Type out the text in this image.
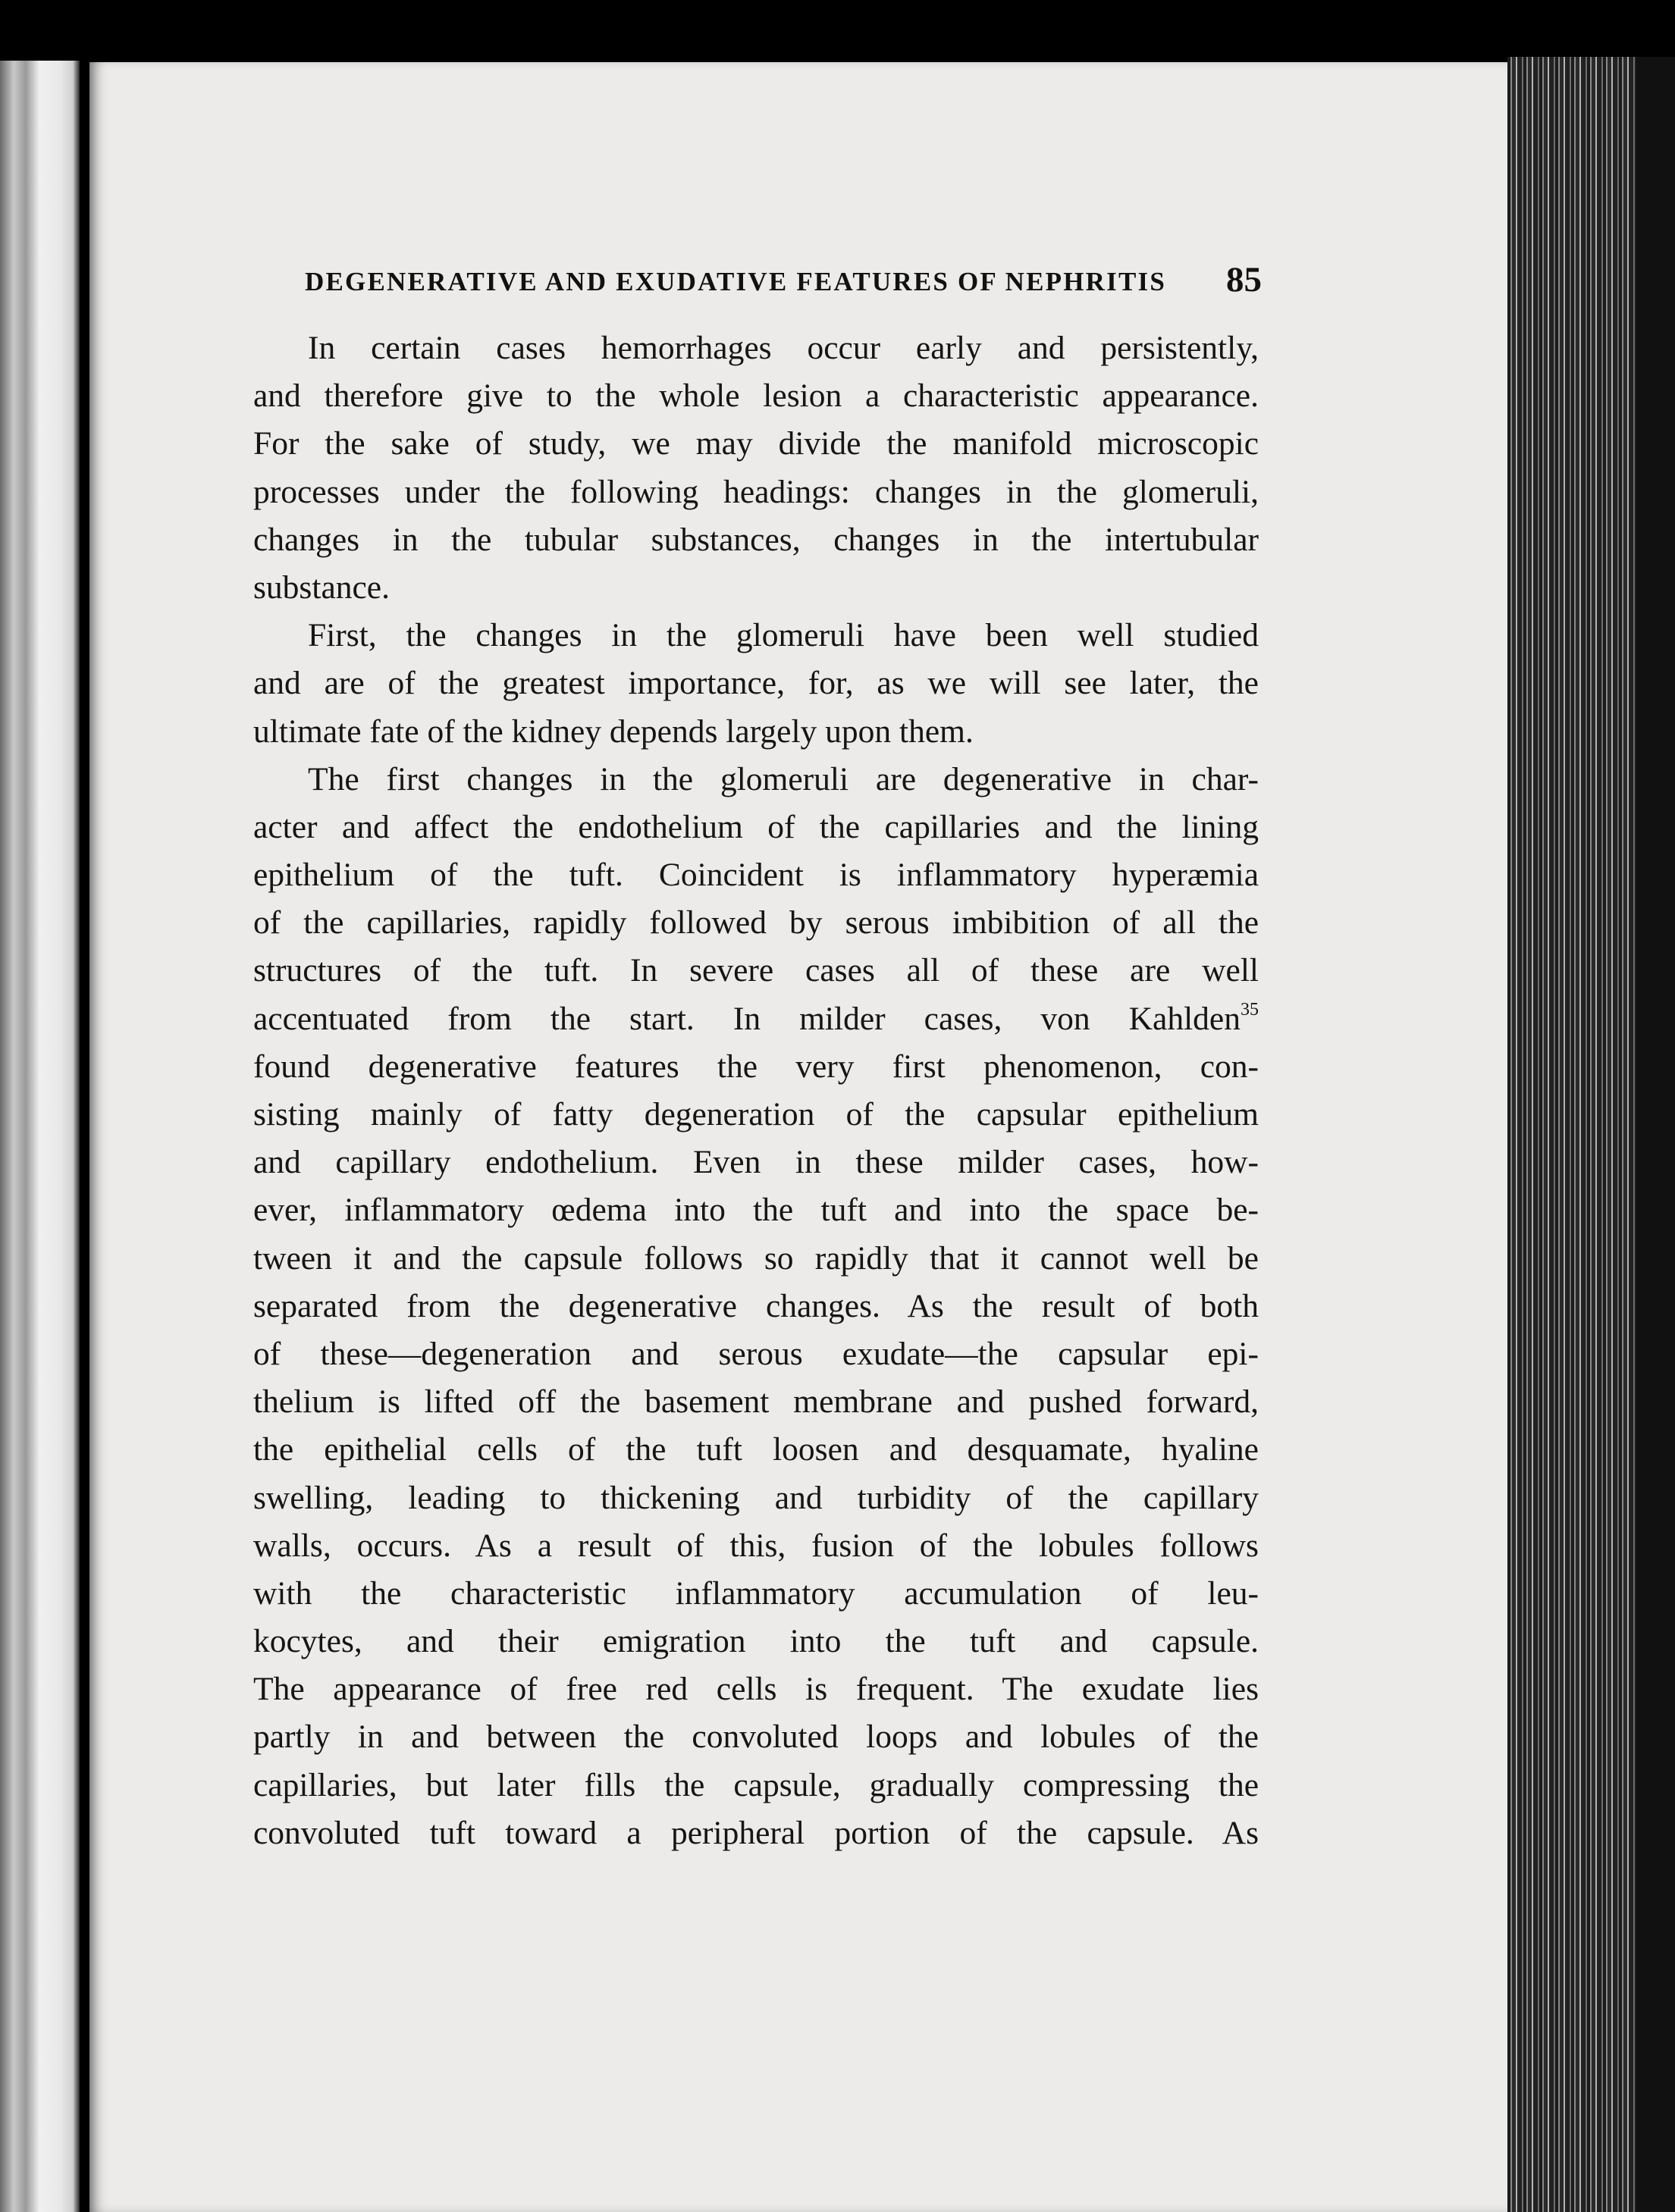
DEGENERATIVE AND EXUDATIVE FEATURES OF NEPHRITIS 85
In certain cases hemorrhages occur early and persistently,
and therefore give to the whole lesion a characteristic appearance.
For the sake of study, we may divide the manifold microscopic
processes under the following headings: changes in the glomeruli,
changes in the tubular substances, changes in the intertubular
substance.
First, the changes in the glomeruli have been well studied
and are of the greatest importance, for, as we will see later, the
ultimate fate of the kidney depends largely upon them.
The first changes in the glomeruli are degenerative in char-
acter and affect the endothelium of the capillaries and the lining
epithelium of the tuft. Coincident is inflammatory hyperæmia
of the capillaries, rapidly followed by serous imbibition of all the
structures of the tuft. In severe cases all of these are well
accentuated from the start. In milder cases, von Kahlden$^{35}$
found degenerative features the very first phenomenon, con-
sisting mainly of fatty degeneration of the capsular epithelium
and capillary endothelium. Even in these milder cases, how-
ever, inflammatory œdema into the tuft and into the space be-
tween it and the capsule follows so rapidly that it cannot well be
separated from the degenerative changes. As the result of both
of these—degeneration and serous exudate—the capsular epi-
thelium is lifted off the basement membrane and pushed forward,
the epithelial cells of the tuft loosen and desquamate, hyaline
swelling, leading to thickening and turbidity of the capillary
walls, occurs. As a result of this, fusion of the lobules follows
with the characteristic inflammatory accumulation of leu-
kocytes, and their emigration into the tuft and capsule.
The appearance of free red cells is frequent. The exudate lies
partly in and between the convoluted loops and lobules of the
capillaries, but later fills the capsule, gradually compressing the
convoluted tuft toward a peripheral portion of the capsule. As
